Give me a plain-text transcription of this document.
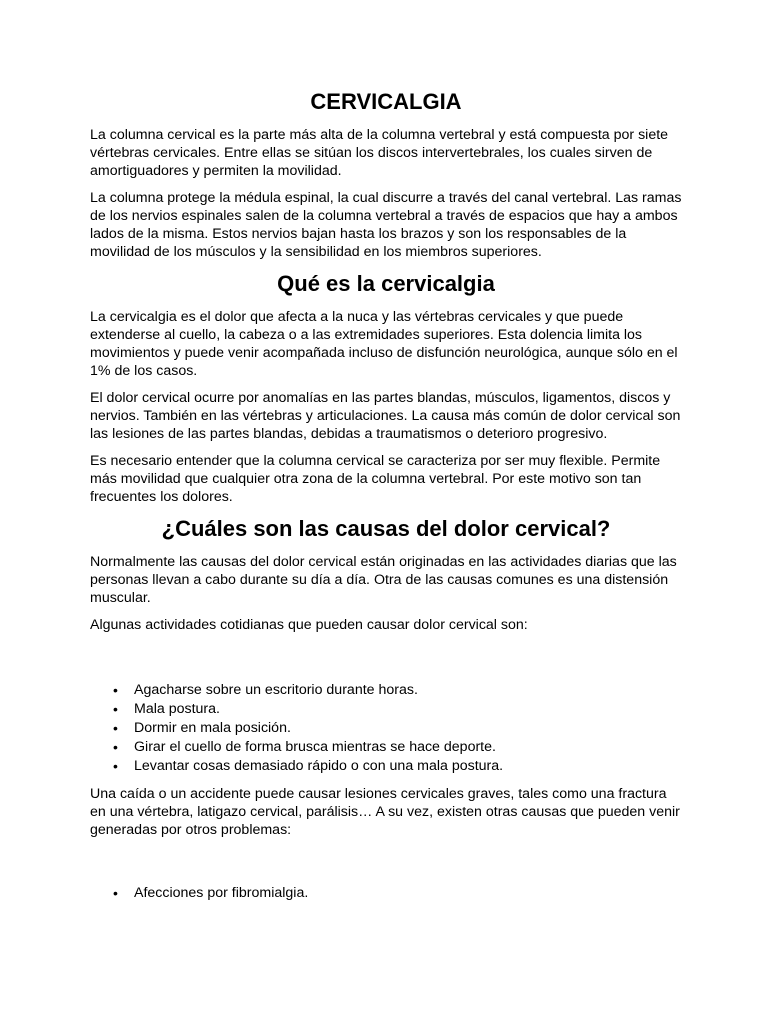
CERVICALGIA

La columna cervical es la parte más alta de la columna vertebral y está compuesta por siete vértebras cervicales. Entre ellas se sitúan los discos intervertebrales, los cuales sirven de amortiguadores y permiten la movilidad.

La columna protege la médula espinal, la cual discurre a través del canal vertebral. Las ramas de los nervios espinales salen de la columna vertebral a través de espacios que hay a ambos lados de la misma. Estos nervios bajan hasta los brazos y son los responsables de la movilidad de los músculos y la sensibilidad en los miembros superiores.

Qué es la cervicalgia

La cervicalgia es el dolor que afecta a la nuca y las vértebras cervicales y que puede extenderse al cuello, la cabeza o a las extremidades superiores. Esta dolencia limita los movimientos y puede venir acompañada incluso de disfunción neurológica, aunque sólo en el 1% de los casos.

El dolor cervical ocurre por anomalías en las partes blandas, músculos, ligamentos, discos y nervios. También en las vértebras y articulaciones. La causa más común de dolor cervical son las lesiones de las partes blandas, debidas a traumatismos o deterioro progresivo.

Es necesario entender que la columna cervical se caracteriza por ser muy flexible. Permite más movilidad que cualquier otra zona de la columna vertebral. Por este motivo son tan frecuentes los dolores.

¿Cuáles son las causas del dolor cervical?

Normalmente las causas del dolor cervical están originadas en las actividades diarias que las personas llevan a cabo durante su día a día. Otra de las causas comunes es una distensión muscular.

Algunas actividades cotidianas que pueden causar dolor cervical son:

• Agacharse sobre un escritorio durante horas.
• Mala postura.
• Dormir en mala posición.
• Girar el cuello de forma brusca mientras se hace deporte.
• Levantar cosas demasiado rápido o con una mala postura.

Una caída o un accidente puede causar lesiones cervicales graves, tales como una fractura en una vértebra, latigazo cervical, parálisis… A su vez, existen otras causas que pueden venir generadas por otros problemas:

• Afecciones por fibromialgia.
